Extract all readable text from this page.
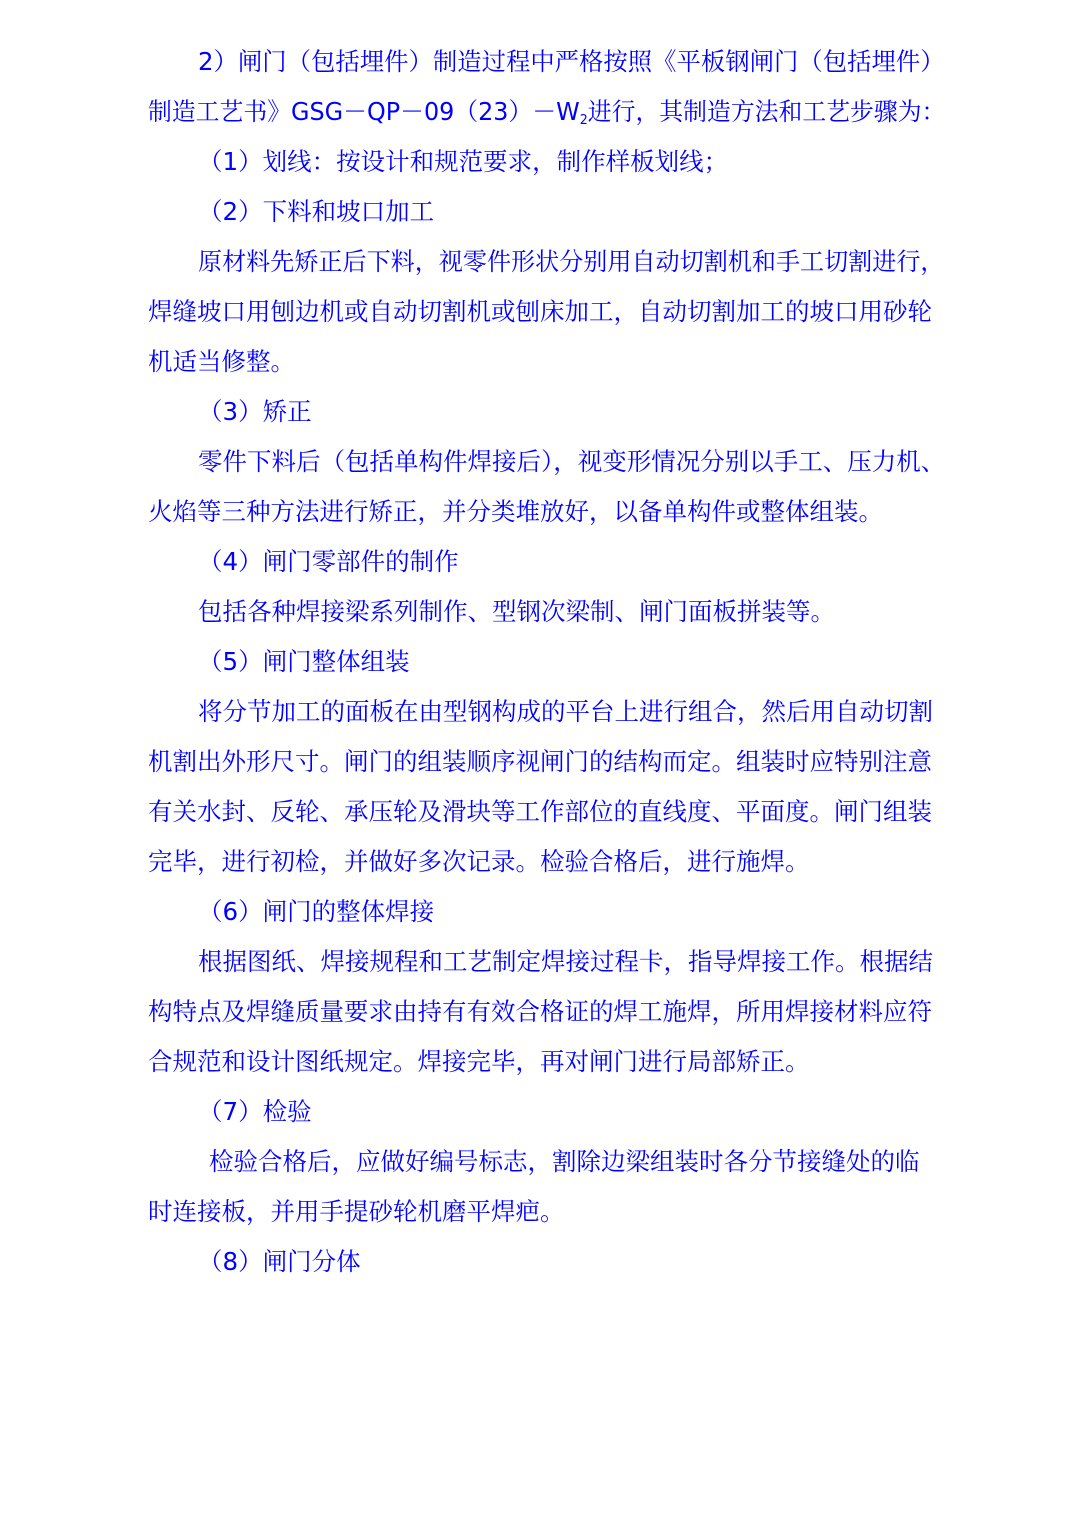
2）闸门（包括埋件）制造过程中严格按照《平板钢闸门（包括埋件）
制造工艺书》$GSG-QP-09(23)-W_2$进行，其制造方法和工艺步骤为：
（1）划线：按设计和规范要求，制作样板划线；
（2）下料和坡口加工
原材料先矫正后下料，视零件形状分别用自动切割机和手工切割进行，
焊缝坡口用刨边机或自动切割机或刨床加工，自动切割加工的坡口用砂轮
机适当修整。
（3）矫正
零件下料后（包括单构件焊接后），视变形情况分别以手工、压力机、
火焰等三种方法进行矫正，并分类堆放好，以备单构件或整体组装。
（4）闸门零部件的制作
包括各种焊接梁系列制作、型钢次梁制、闸门面板拼装等。
（5）闸门整体组装
将分节加工的面板在由型钢构成的平台上进行组合，然后用自动切割
机割出外形尺寸。闸门的组装顺序视闸门的结构而定。组装时应特别注意
有关水封、反轮、承压轮及滑块等工作部位的直线度、平面度。闸门组装
完毕，进行初检，并做好多次记录。检验合格后，进行施焊。
（6）闸门的整体焊接
根据图纸、焊接规程和工艺制定焊接过程卡，指导焊接工作。根据结
构特点及焊缝质量要求由持有有效合格证的焊工施焊，所用焊接材料应符
合规范和设计图纸规定。焊接完毕，再对闸门进行局部矫正。
（7）检验
检验合格后，应做好编号标志，割除边梁组装时各分节接缝处的临
时连接板，并用手提砂轮机磨平焊疤。
（8）闸门分体
